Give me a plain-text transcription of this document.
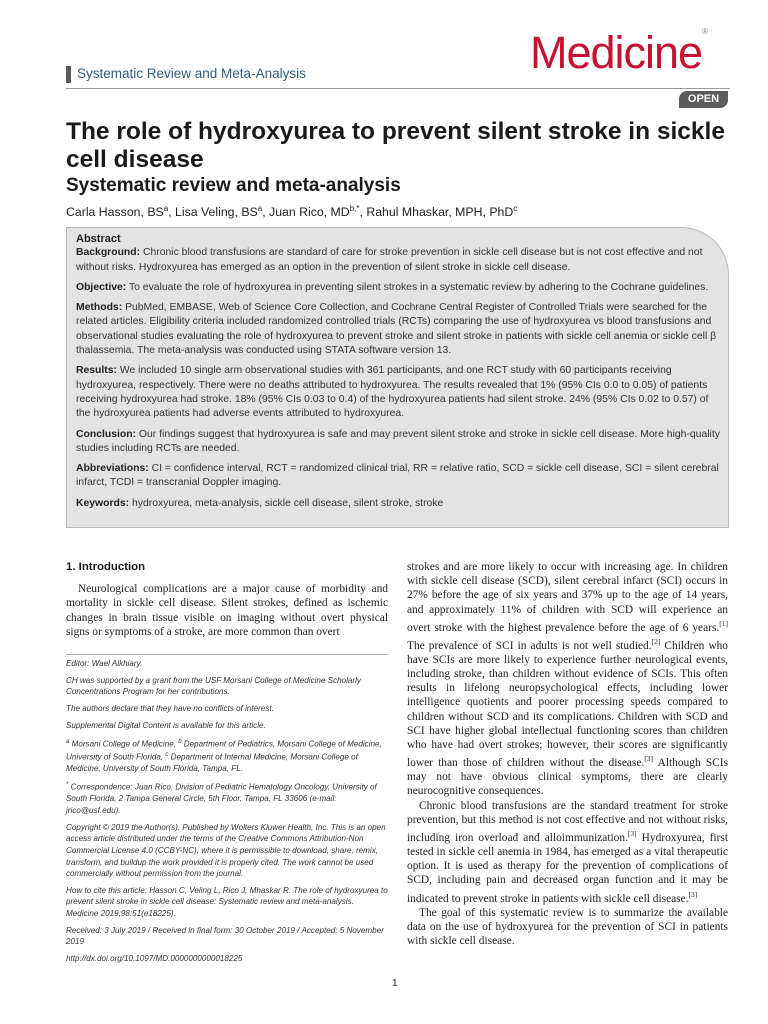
Systematic Review and Meta-Analysis	Medicine®
OPEN
The role of hydroxyurea to prevent silent stroke in sickle cell disease
Systematic review and meta-analysis
Carla Hasson, $BS^a$, Lisa Veling, $BS^a$, Juan Rico, $MD^{b,*}$, Rahul Mhaskar, MPH, PhD$^c$
Abstract

Background: Chronic blood transfusions are standard of care for stroke prevention in sickle cell disease but is not cost effective and not without risks. Hydroxyurea has emerged as an option in the prevention of silent stroke in sickle cell disease.

Objective: To evaluate the role of hydroxyurea in preventing silent strokes in a systematic review by adhering to the Cochrane guidelines.

Methods: PubMed, EMBASE, Web of Science Core Collection, and Cochrane Central Register of Controlled Trials were searched for the related articles. Eligibility criteria included randomized controlled trials (RCTs) comparing the use of hydroxyurea vs blood transfusions and observational studies evaluating the role of hydroxyurea to prevent stroke and silent stroke in patients with sickle cell anemia or sickle cell β thalassemia. The meta-analysis was conducted using STATA software version 13.

Results: We included 10 single arm observational studies with 361 participants, and one RCT study with 60 participants receiving hydroxyurea, respectively. There were no deaths attributed to hydroxyurea. The results revealed that 1% (95% CIs 0.0 to 0.05) of patients receiving hydroxyurea had stroke. 18% (95% CIs 0.03 to 0.4) of the hydroxyurea patients had silent stroke. 24% (95% CIs 0.02 to 0.57) of the hydroxyurea patients had adverse events attributed to hydroxyurea.

Conclusion: Our findings suggest that hydroxyurea is safe and may prevent silent stroke and stroke in sickle cell disease. More high-quality studies including RCTs are needed.

Abbreviations: CI = confidence interval, RCT = randomized clinical trial, RR = relative ratio, SCD = sickle cell disease, SCI = silent cerebral infarct, TCDI = transcranial Doppler imaging.

Keywords: hydroxyurea, meta-analysis, sickle cell disease, silent stroke, stroke

1. Introduction

Neurological complications are a major cause of morbidity and mortality in sickle cell disease. Silent strokes, defined as ischemic changes in brain tissue visible on imaging without overt physical signs or symptoms of a stroke, are more common than overt

Editor: Wael Alkhiary.

CH was supported by a grant from the USF Morsani College of Medicine Scholarly Concentrations Program for her contributions.

The authors declare that they have no conflicts of interest.

Supplemental Digital Content is available for this article.

$^a$ Morsani College of Medicine, $^b$ Department of Pediatrics, Morsani College of Medicine, University of South Florida, $^c$ Department of Internal Medicine, Morsani College of Medicine, University of South Florida, Tampa, FL.

* Correspondence: Juan Rico, Division of Pediatric Hematology Oncology, University of South Florida, 2 Tampa General Circle, 5th Floor, Tampa, FL 33606 (e-mail: jrico@usf.edu).

Copyright © 2019 the Author(s). Published by Wolters Kluwer Health, Inc. This is an open access article distributed under the terms of the Creative Commons Attribution-Non Commercial License 4.0 (CCBY-NC), where it is permissible to download, share, remix, transform, and buildup the work provided it is properly cited. The work cannot be used commercially without permission from the journal.

How to cite this article: Hasson C, Veling L, Rico J, Mhaskar R. The role of hydroxyurea to prevent silent stroke in sickle cell disease: Systematic review and meta-analysis. Medicine 2019;98:51(e18225).

Received: 3 July 2019 / Received in final form: 30 October 2019 / Accepted: 5 November 2019

http://dx.doi.org/10.1097/MD.0000000000018225

strokes and are more likely to occur with increasing age. In children with sickle cell disease (SCD), silent cerebral infarct (SCI) occurs in 27% before the age of six years and 37% up to the age of 14 years, and approximately 11% of children with SCD will experience an overt stroke with the highest prevalence before the age of 6 years.[1] The prevalence of SCI in adults is not well studied.[2] Children who have SCIs are more likely to experience further neurological events, including stroke, than children without evidence of SCIs. This often results in lifelong neuropsychological effects, including lower intelligence quotients and poorer processing speeds compared to children without SCD and its complications. Children with SCD and SCI have higher global intellectual functioning scores than children who have had overt strokes; however, their scores are significantly lower than those of children without the disease.[3] Although SCIs may not have obvious clinical symptoms, there are clearly neurocognitive consequences.

Chronic blood transfusions are the standard treatment for stroke prevention, but this method is not cost effective and not without risks, including iron overload and alloimmunization.[3] Hydroxyurea, first tested in sickle cell anemia in 1984, has emerged as a vital therapeutic option. It is used as therapy for the prevention of complications of SCD, including pain and decreased organ function and it may be indicated to prevent stroke in patients with sickle cell disease.[3]

The goal of this systematic review is to summarize the available data on the use of hydroxyurea for the prevention of SCI in patients with sickle cell disease.

1
